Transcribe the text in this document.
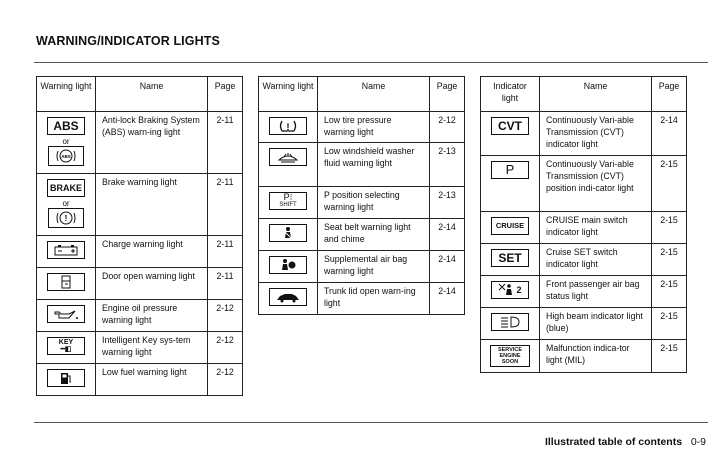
WARNING/INDICATOR LIGHTS
Warning light	Name	Page
ABS
or
ABS	Anti-lock Braking System (ABS) warn-ing light	2-11
BRAKE
or
!	Brake warning light	2-11

	Charge warning light	2-11

	Door open warning light	2-11

	Engine oil pressure warning light	2-12

KEY
━◧	Intelligent Key sys-tem warning light	2-12

	Low fuel warning light	2-12
Warning light	Name	Page

!	Low tire pressure warning light	2-12

	Low windshield washer fluid warning light	2-13

P⁝
SHIFT	P position selecting warning light	2-13

	Seat belt warning light and chime	2-14

	Supplemental air bag warning light	2-14

	Trunk lid open warn-ing light	2-14
Indicator light	Name	Page
CVT	Continuously Vari-able Transmission (CVT) indicator light	2-14
P	Continuously Vari-able Transmission (CVT) position indi-cator light	2-15
CRUISE	CRUISE main switch indicator light	2-15
SET	Cruise SET switch indicator light	2-15

2	Front passenger air bag status light	2-15

	High beam indicator light (blue)	2-15
SERVICE ENGINE SOON	Malfunction indica-tor light (MIL)	2-15
Illustrated table of contents 0-9
